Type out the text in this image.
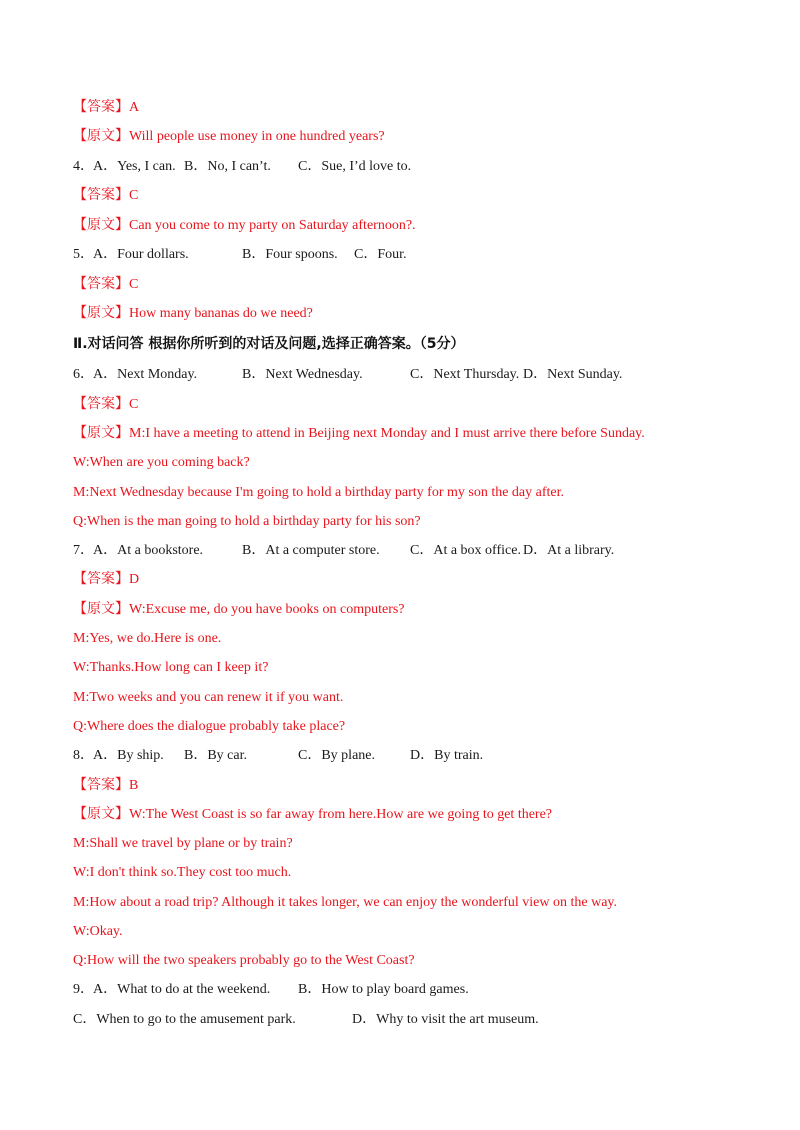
【答案】A
【原文】Will people use money in one hundred years?
4． A．Yes, I can. B．No, I can’t. C．Sue, I’d love to.
【答案】C
【原文】Can you come to my party on Saturday afternoon?.
5． A．Four dollars.	B．Four spoons. C．Four.
【答案】C
【原文】How many bananas do we need?
Ⅱ.对话问答 根据你所听到的对话及问题,选择正确答案。（5分）
6． A．Next Monday.	B．Next Wednesday.	C．Next Thursday. D．Next Sunday.
【答案】C
【原文】M:I have a meeting to attend in Beijing next Monday and I must arrive there before Sunday.
W:When are you coming back?
M:Next Wednesday because I'm going to hold a birthday party for my son the day after.
Q:When is the man going to hold a birthday party for his son?
7． A．At a bookstore.	B．At a computer store. C．At a box office. D．At a library.
【答案】D
【原文】W:Excuse me, do you have books on computers?
M:Yes, we do.Here is one.
W:Thanks.How long can I keep it?
M:Two weeks and you can renew it if you want.
Q:Where does the dialogue probably take place?
8． A．By ship. B．By car.	C．By plane.	D．By train.
【答案】B
【原文】W:The West Coast is so far away from here.How are we going to get there?
M:Shall we travel by plane or by train?
W:I don't think so.They cost too much.
M:How about a road trip? Although it takes longer, we can enjoy the wonderful view on the way.
W:Okay.
Q:How will the two speakers probably go to the West Coast?
9． A．What to do at the weekend. B．How to play board games.
C．When to go to the amusement park.	D．Why to visit the art museum.
